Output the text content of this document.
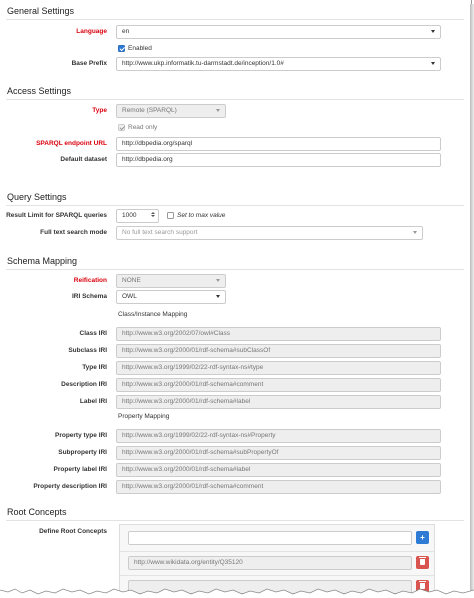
General Settings
Language	en
Enabled
Base Prefix	http://www.ukp.informatik.tu-darmstadt.de/inception/1.0#
Access Settings
Type	Remote (SPARQL)
Read only
SPARQL endpoint URL	http://dbpedia.org/sparql
Default dataset	http://dbpedia.org
Query Settings
Result Limit for SPARQL queries	1000	Set to max value
Full text search mode	No full text search support
Schema Mapping
Reification	NONE
IRI Schema	OWL
Class/Instance Mapping
Class IRI	http://www.w3.org/2002/07/owl#Class
Subclass IRI	http://www.w3.org/2000/01/rdf-schema#subClassOf
Type IRI	http://www.w3.org/1999/02/22-rdf-syntax-ns#type
Description IRI	http://www.w3.org/2000/01/rdf-schema#comment
Label IRI	http://www.w3.org/2000/01/rdf-schema#label
Property Mapping
Property type IRI	http://www.w3.org/1999/02/22-rdf-syntax-ns#Property
Subproperty IRI	http://www.w3.org/2000/01/rdf-schema#subPropertyOf
Property label IRI	http://www.w3.org/2000/01/rdf-schema#label
Property description IRI	http://www.w3.org/2000/01/rdf-schema#comment
Root Concepts
Define Root Concepts
+
http://www.wikidata.org/entity/Q35120
